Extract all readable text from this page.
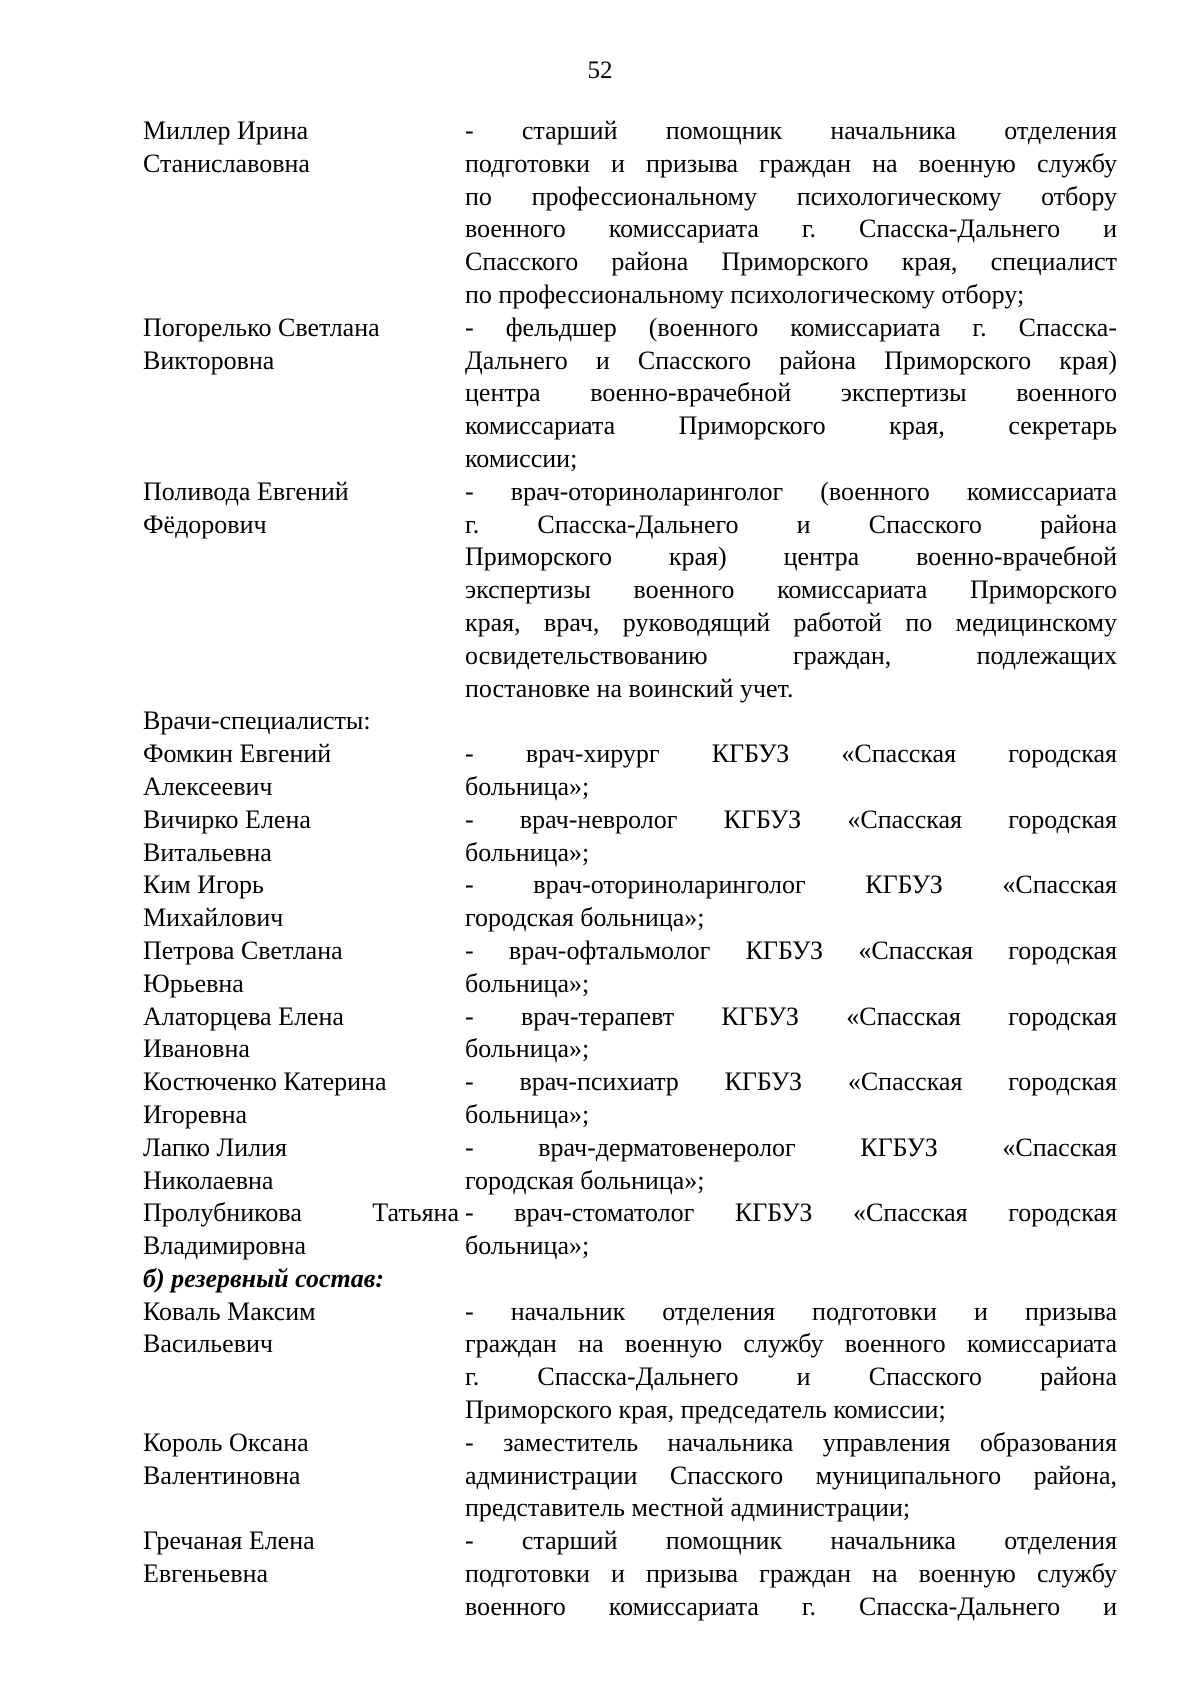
52
Миллер Ирина
Станиславовна
- старший помощник начальника отделения
подготовки и призыва граждан на военную службу
по профессиональному психологическому отбору
военного комиссариата г. Спасска-Дальнего и
Спасского района Приморского края, специалист
по профессиональному психологическому отбору;
Погорелько Светлана
Викторовна
- фельдшер (военного комиссариата г. Спасска-
Дальнего и Спасского района Приморского края)
центра военно-врачебной экспертизы военного
комиссариата Приморского края, секретарь
комиссии;
Поливода Евгений
Фёдорович
- врач-оториноларинголог (военного комиссариата
г. Спасска-Дальнего и Спасского района
Приморского края) центра военно-врачебной
экспертизы военного комиссариата Приморского
края, врач, руководящий работой по медицинскому
освидетельствованию граждан, подлежащих
постановке на воинский учет.
Врачи-специалисты:
Фомкин Евгений
Алексеевич
- врач-хирург КГБУЗ «Спасская городская
больница»;
Вичирко Елена
Витальевна
- врач-невролог КГБУЗ «Спасская городская
больница»;
Ким Игорь
Михайлович
- врач-оториноларинголог КГБУЗ «Спасская
городская больница»;
Петрова Светлана
Юрьевна
- врач-офтальмолог КГБУЗ «Спасская городская
больница»;
Алаторцева Елена
Ивановна
- врач-терапевт КГБУЗ «Спасская городская
больница»;
Костюченко Катерина
Игоревна
- врач-психиатр КГБУЗ «Спасская городская
больница»;
Лапко Лилия
Николаевна
- врач-дерматовенеролог КГБУЗ «Спасская
городская больница»;
Пролубникова Татьяна
Владимировна
- врач-стоматолог КГБУЗ «Спасская городская
больница»;
б) резервный состав:
Коваль Максим
Васильевич
- начальник отделения подготовки и призыва
граждан на военную службу военного комиссариата
г. Спасска-Дальнего и Спасского района
Приморского края, председатель комиссии;
Король Оксана
Валентиновна
- заместитель начальника управления образования
администрации Спасского муниципального района,
представитель местной администрации;
Гречаная Елена
Евгеньевна
- старший помощник начальника отделения
подготовки и призыва граждан на военную службу
военного комиссариата г. Спасска-Дальнего и
